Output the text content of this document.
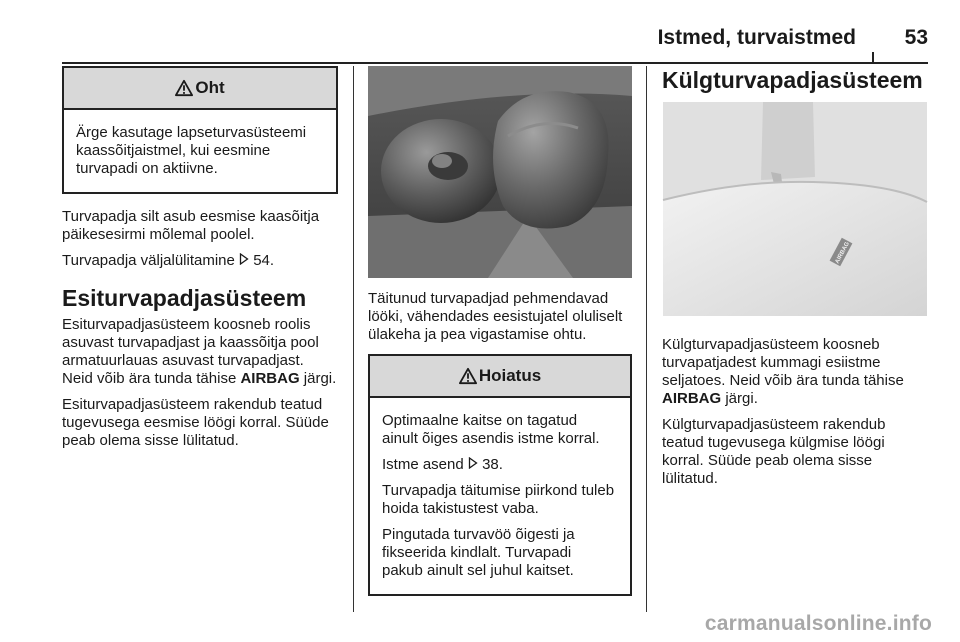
Istmed, turvaistmed 53
Oht

Ärge kasutage lapseturvasüsteemi kaassõitjaistmel, kui eesmine turvapadi on aktiivne.

Turvapadja silt asub eesmise kaasõitja päikesesirmi mõlemal poolel.

Turvapadja väljalülitamine 54.

Esiturvapadjasüsteem

Esiturvapadjasüsteem koosneb roolis asuvast turvapadjast ja kaassõitja pool armatuurlauas asuvast turvapadjast. Neid võib ära tunda tähise AIRBAG järgi.

Esiturvapadjasüsteem rakendub teatud tugevusega eesmise löögi korral. Süüde peab olema sisse lülitatud.

Täitunud turvapadjad pehmendavad lööki, vähendades eesistujatel oluliselt ülakeha ja pea vigastamise ohtu.

Hoiatus

Optimaalne kaitse on tagatud ainult õiges asendis istme korral.

Istme asend 38.

Turvapadja täitumise piirkond tuleb hoida takistustest vaba.

Pingutada turvavöö õigesti ja fikseerida kindlalt. Turvapadi pakub ainult sel juhul kaitset.

Külgturvapadjasüsteem
AIRBAG

Külgturvapadjasüsteem koosneb turvapatjadest kummagi esiistme seljatoes. Neid võib ära tunda tähise AIRBAG järgi.

Külgturvapadjasüsteem rakendub teatud tugevusega külgmise löögi korral. Süüde peab olema sisse lülitatud.

carmanualsonline.info
